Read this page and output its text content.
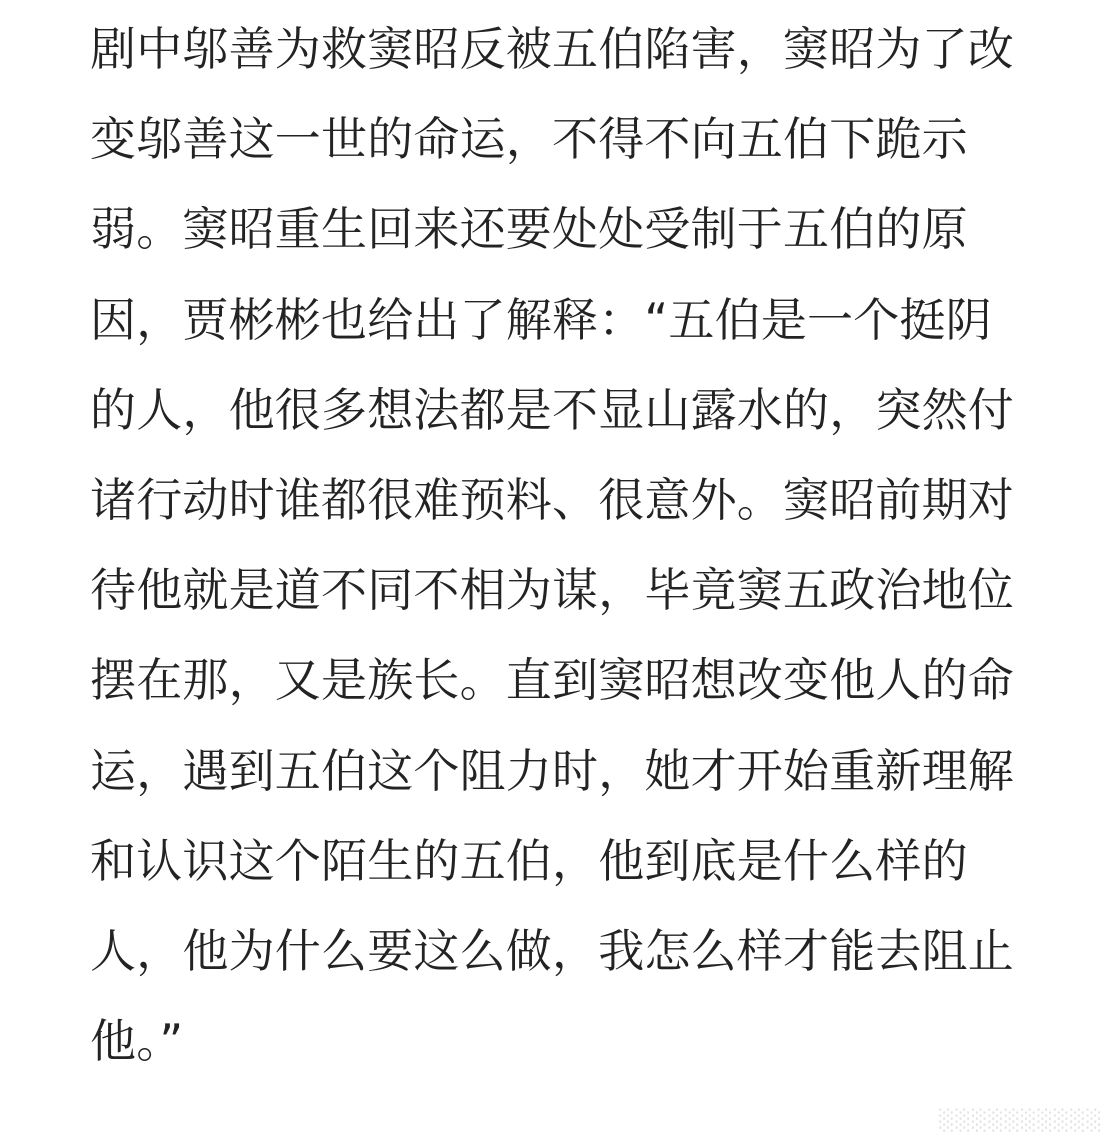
剧中邬善为救窦昭反被五伯陷害，窦昭为了改
变邬善这一世的命运，不得不向五伯下跪示
弱。窦昭重生回来还要处处受制于五伯的原
因，贾彬彬也给出了解释：“五伯是一个挺阴
的人，他很多想法都是不显山露水的，突然付
诸行动时谁都很难预料、很意外。窦昭前期对
待他就是道不同不相为谋，毕竟窦五政治地位
摆在那，又是族长。直到窦昭想改变他人的命
运，遇到五伯这个阻力时，她才开始重新理解
和认识这个陌生的五伯，他到底是什么样的
人，他为什么要这么做，我怎么样才能去阻止
他。”
░░░░░░░░░░
